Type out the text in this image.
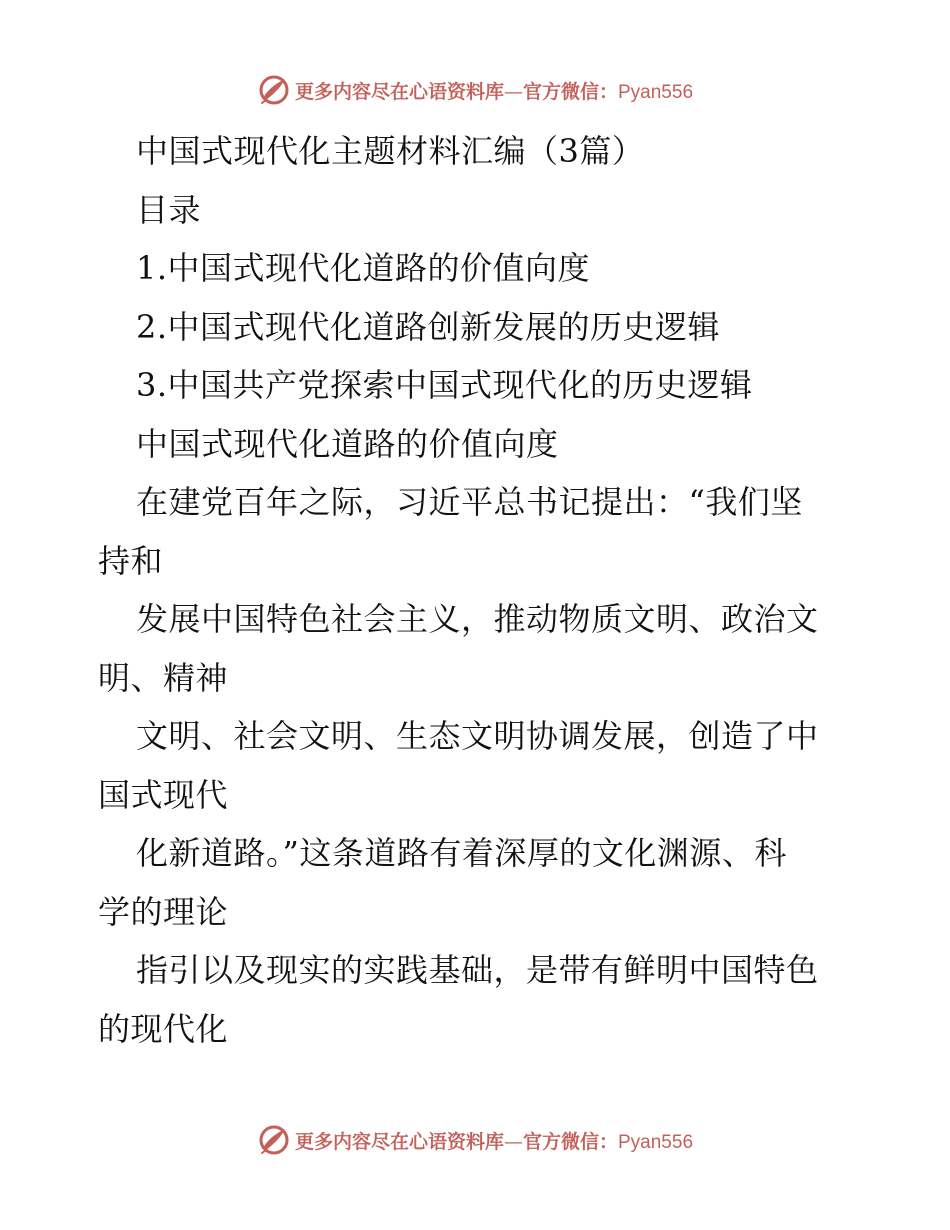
更多内容尽在心语资料库—官方微信：Pyan556
中国式现代化主题材料汇编（3篇）
目录
1.中国式现代化道路的价值向度
2.中国式现代化道路创新发展的历史逻辑
3.中国共产党探索中国式现代化的历史逻辑
中国式现代化道路的价值向度
在建党百年之际，习近平总书记提出：“我们坚
持和
发展中国特色社会主义，推动物质文明、政治文
明、精神
文明、社会文明、生态文明协调发展，创造了中
国式现代
化新道路。”这条道路有着深厚的文化渊源、科
学的理论
指引以及现实的实践基础，是带有鲜明中国特色
的现代化
更多内容尽在心语资料库—官方微信：Pyan556
